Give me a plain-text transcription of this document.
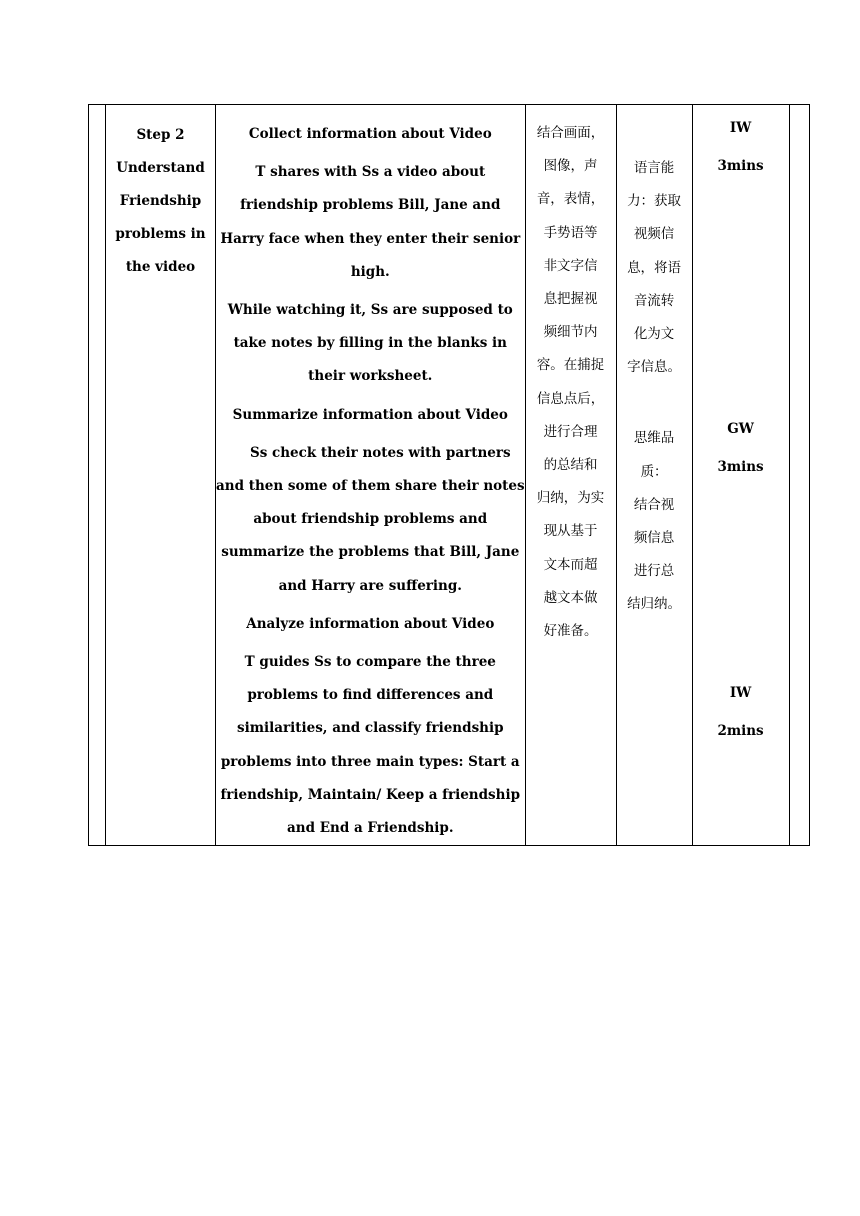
Step 2
Understand
Friendship
problems in
the video

Collect information about Video
T shares with Ss a video about
friendship problems Bill, Jane and
Harry face when they enter their senior
high.
While watching it, Ss are supposed to
take notes by filling in the blanks in
their worksheet.
Summarize information about Video
Ss check their notes with partners
and then some of them share their notes
about friendship problems and
summarize the problems that Bill, Jane
and Harry are suffering.
Analyze information about Video
T guides Ss to compare the three
problems to find differences and
similarities, and classify friendship
problems into three main types: Start a
friendship, Maintain/ Keep a friendship
and End a Friendship.

结合画面，
图像，声
音，表情，
手势语等
非文字信
息把握视
频细节内
容。在捕捉
信息点后，
进行合理
的总结和
归纳，为实
现从基于
文本而超
越文本做
好准备。

语言能
力：获取
视频信
息，将语
音流转
化为文
字信息。
思维品
质：
结合视
频信息
进行总
结归纳。

IW
3mins
GW
3mins
IW
2mins
